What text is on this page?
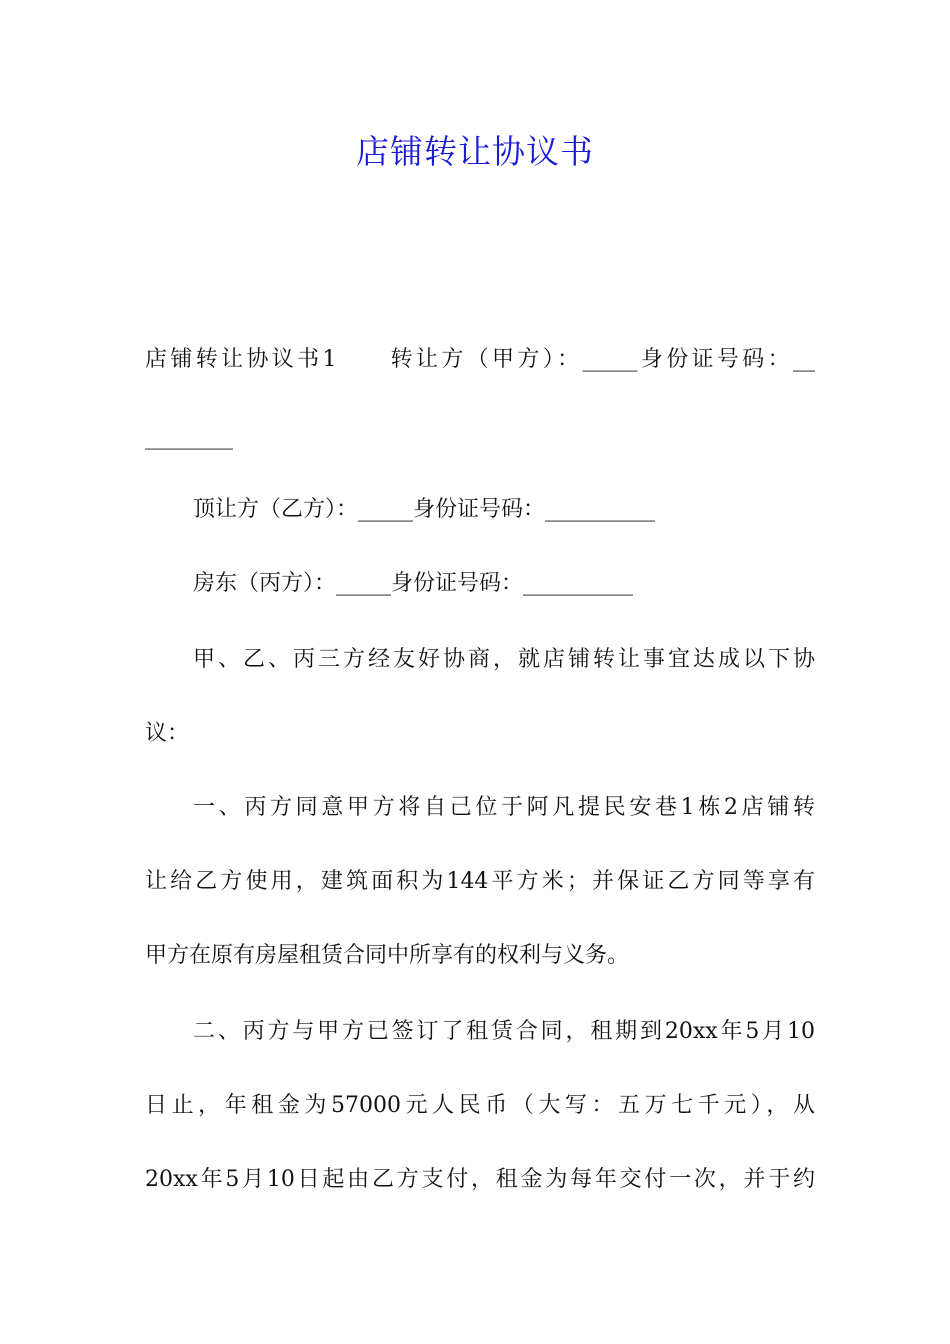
店铺转让协议书
店铺转让协议书1　　转让方（甲方）：_____身份证号码：__
________
顶让方（乙方）：_____身份证号码：__________
房东（丙方）：_____身份证号码：__________
甲、乙、丙三方经友好协商，就店铺转让事宜达成以下协
议：
一、丙方同意甲方将自己位于阿凡提民安巷1栋2店铺转
让给乙方使用，建筑面积为144平方米；并保证乙方同等享有
甲方在原有房屋租赁合同中所享有的权利与义务。
二、丙方与甲方已签订了租赁合同，租期到20xx年5月10
日止，年租金为57000元人民币（大写：五万七千元），从
20xx年5月10日起由乙方支付，租金为每年交付一次，并于约
